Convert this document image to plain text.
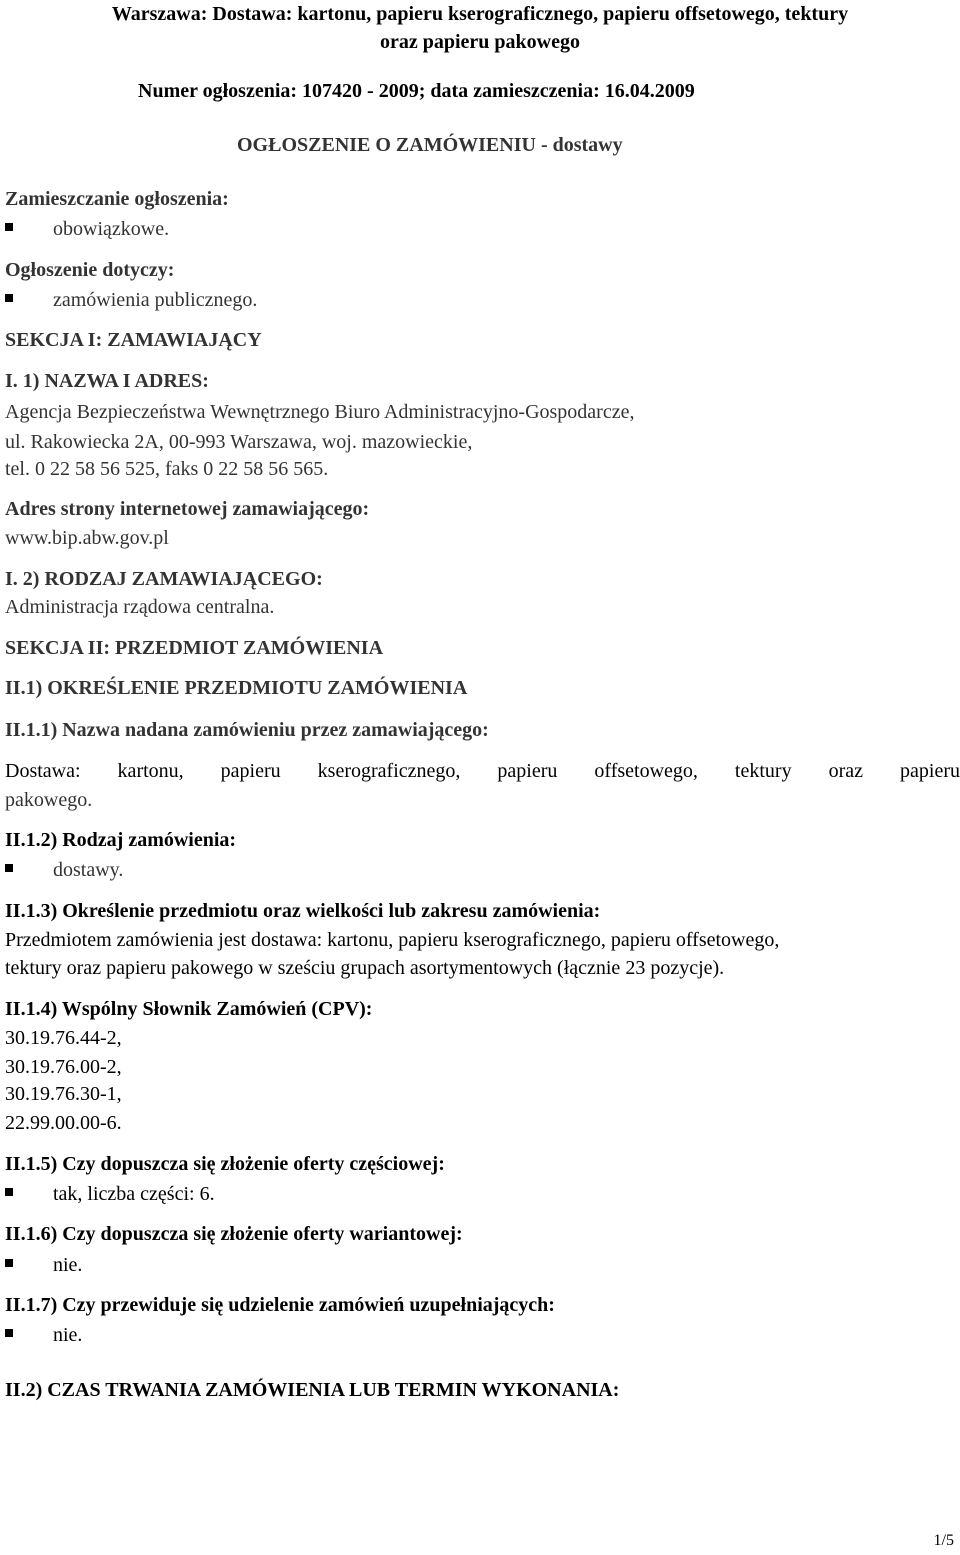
Warszawa: Dostawa: kartonu, papieru kserograficznego, papieru offsetowego, tektury
oraz papieru pakowego
Numer ogłoszenia: 107420 - 2009; data zamieszczenia: 16.04.2009
OGŁOSZENIE O ZAMÓWIENIU - dostawy
Zamieszczanie ogłoszenia:
obowiązkowe.
Ogłoszenie dotyczy:
zamówienia publicznego.
SEKCJA I: ZAMAWIAJĄCY
I. 1) NAZWA I ADRES:
Agencja Bezpieczeństwa Wewnętrznego Biuro Administracyjno-Gospodarcze,
ul. Rakowiecka 2A, 00-993 Warszawa, woj. mazowieckie,
tel. 0 22 58 56 525, faks 0 22 58 56 565.
Adres strony internetowej zamawiającego:
www.bip.abw.gov.pl
I. 2) RODZAJ ZAMAWIAJĄCEGO:
Administracja rządowa centralna.
SEKCJA II: PRZEDMIOT ZAMÓWIENIA
II.1) OKREŚLENIE PRZEDMIOTU ZAMÓWIENIA
II.1.1) Nazwa nadana zamówieniu przez zamawiającego:
Dostawa: kartonu, papieru kserograficznego, papieru offsetowego, tektury oraz papieru
pakowego.
II.1.2) Rodzaj zamówienia:
dostawy.
II.1.3) Określenie przedmiotu oraz wielkości lub zakresu zamówienia:
Przedmiotem zamówienia jest dostawa: kartonu, papieru kserograficznego, papieru offsetowego,
tektury oraz papieru pakowego w sześciu grupach asortymentowych (łącznie 23 pozycje).
II.1.4) Wspólny Słownik Zamówień (CPV):
30.19.76.44-2,
30.19.76.00-2,
30.19.76.30-1,
22.99.00.00-6.
II.1.5) Czy dopuszcza się złożenie oferty częściowej:
tak, liczba części: 6.
II.1.6) Czy dopuszcza się złożenie oferty wariantowej:
nie.
II.1.7) Czy przewiduje się udzielenie zamówień uzupełniających:
nie.
II.2) CZAS TRWANIA ZAMÓWIENIA LUB TERMIN WYKONANIA:
1/5
